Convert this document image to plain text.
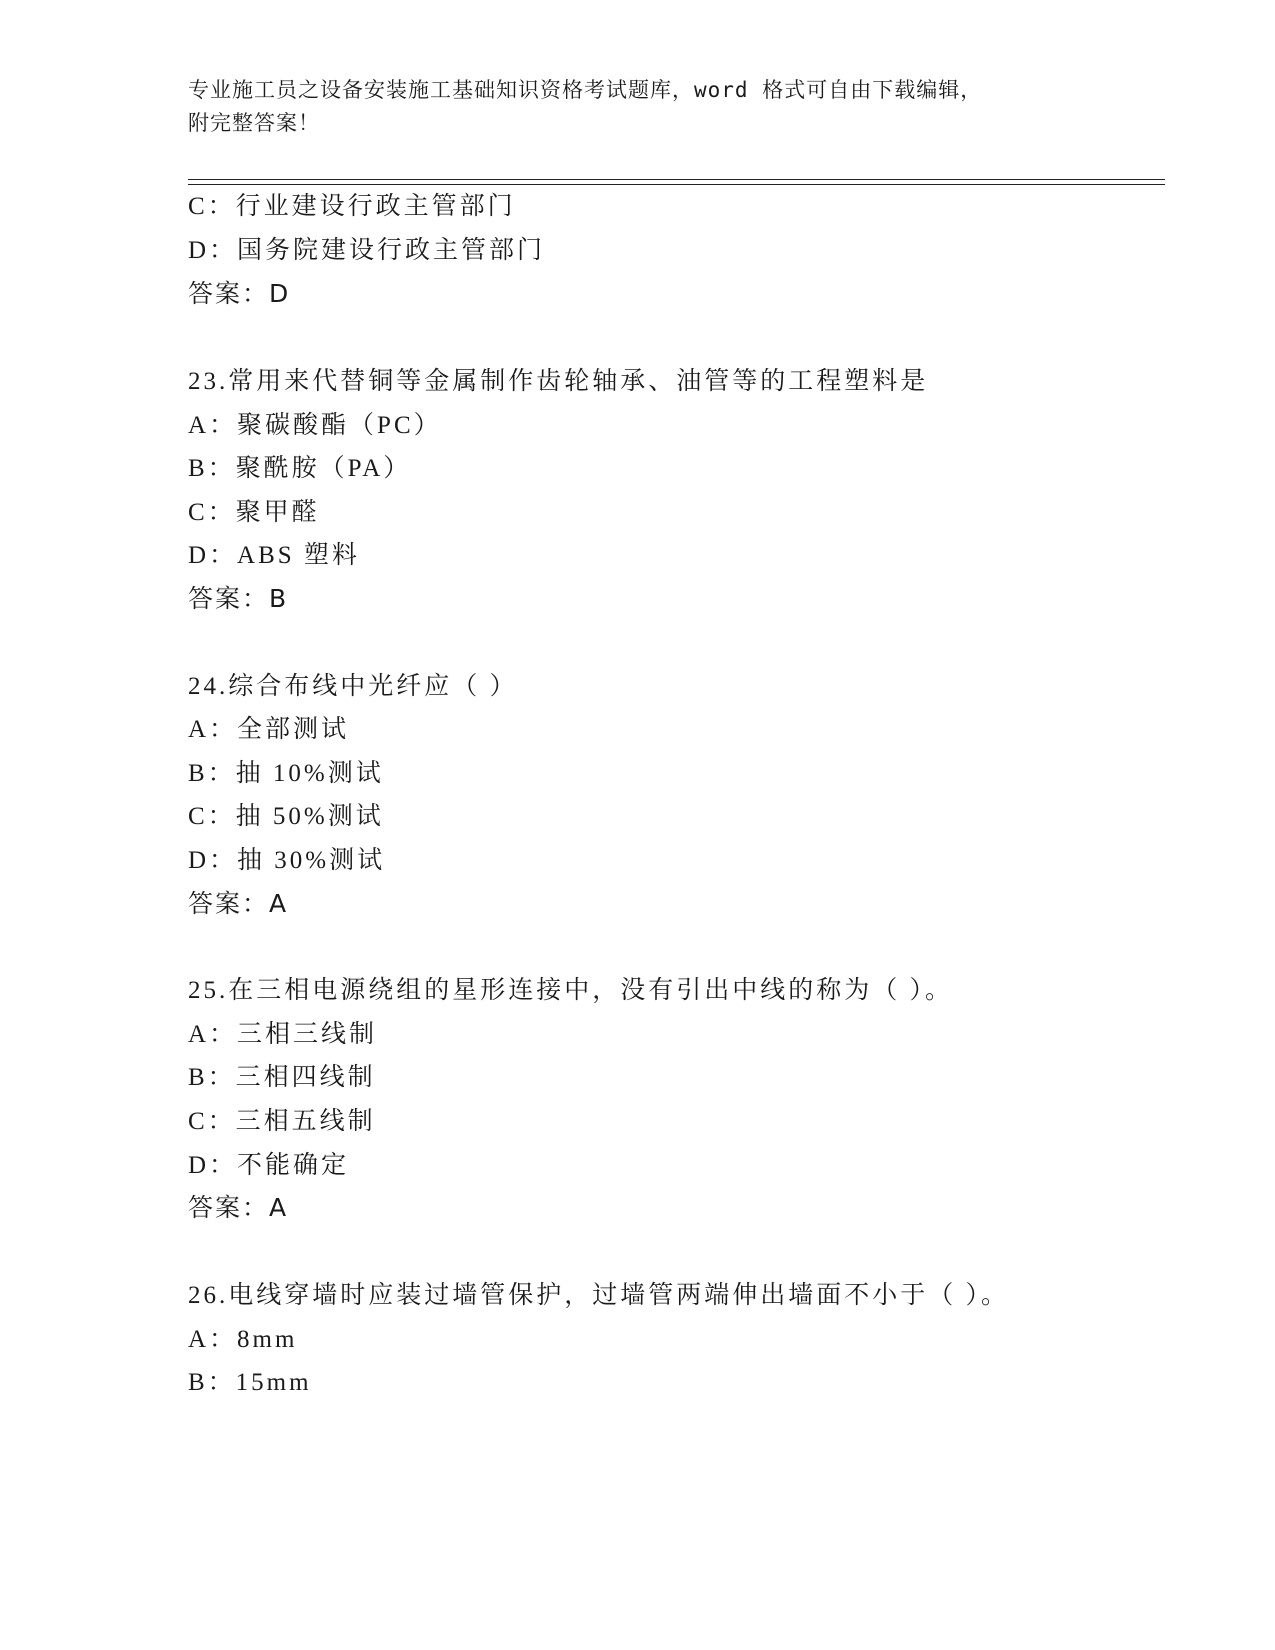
专业施工员之设备安装施工基础知识资格考试题库，word 格式可自由下载编辑，
附完整答案！
C：行业建设行政主管部门
D：国务院建设行政主管部门
答案：D
23.常用来代替铜等金属制作齿轮轴承、油管等的工程塑料是
A：聚碳酸酯（PC）
B：聚酰胺（PA）
C：聚甲醛
D：ABS 塑料
答案：B
24.综合布线中光纤应（ ）
A：全部测试
B：抽 10%测试
C：抽 50%测试
D：抽 30%测试
答案：A
25.在三相电源绕组的星形连接中，没有引出中线的称为（ ）。
A：三相三线制
B：三相四线制
C：三相五线制
D：不能确定
答案：A
26.电线穿墙时应装过墙管保护，过墙管两端伸出墙面不小于（ ）。
A：8mm
B：15mm
